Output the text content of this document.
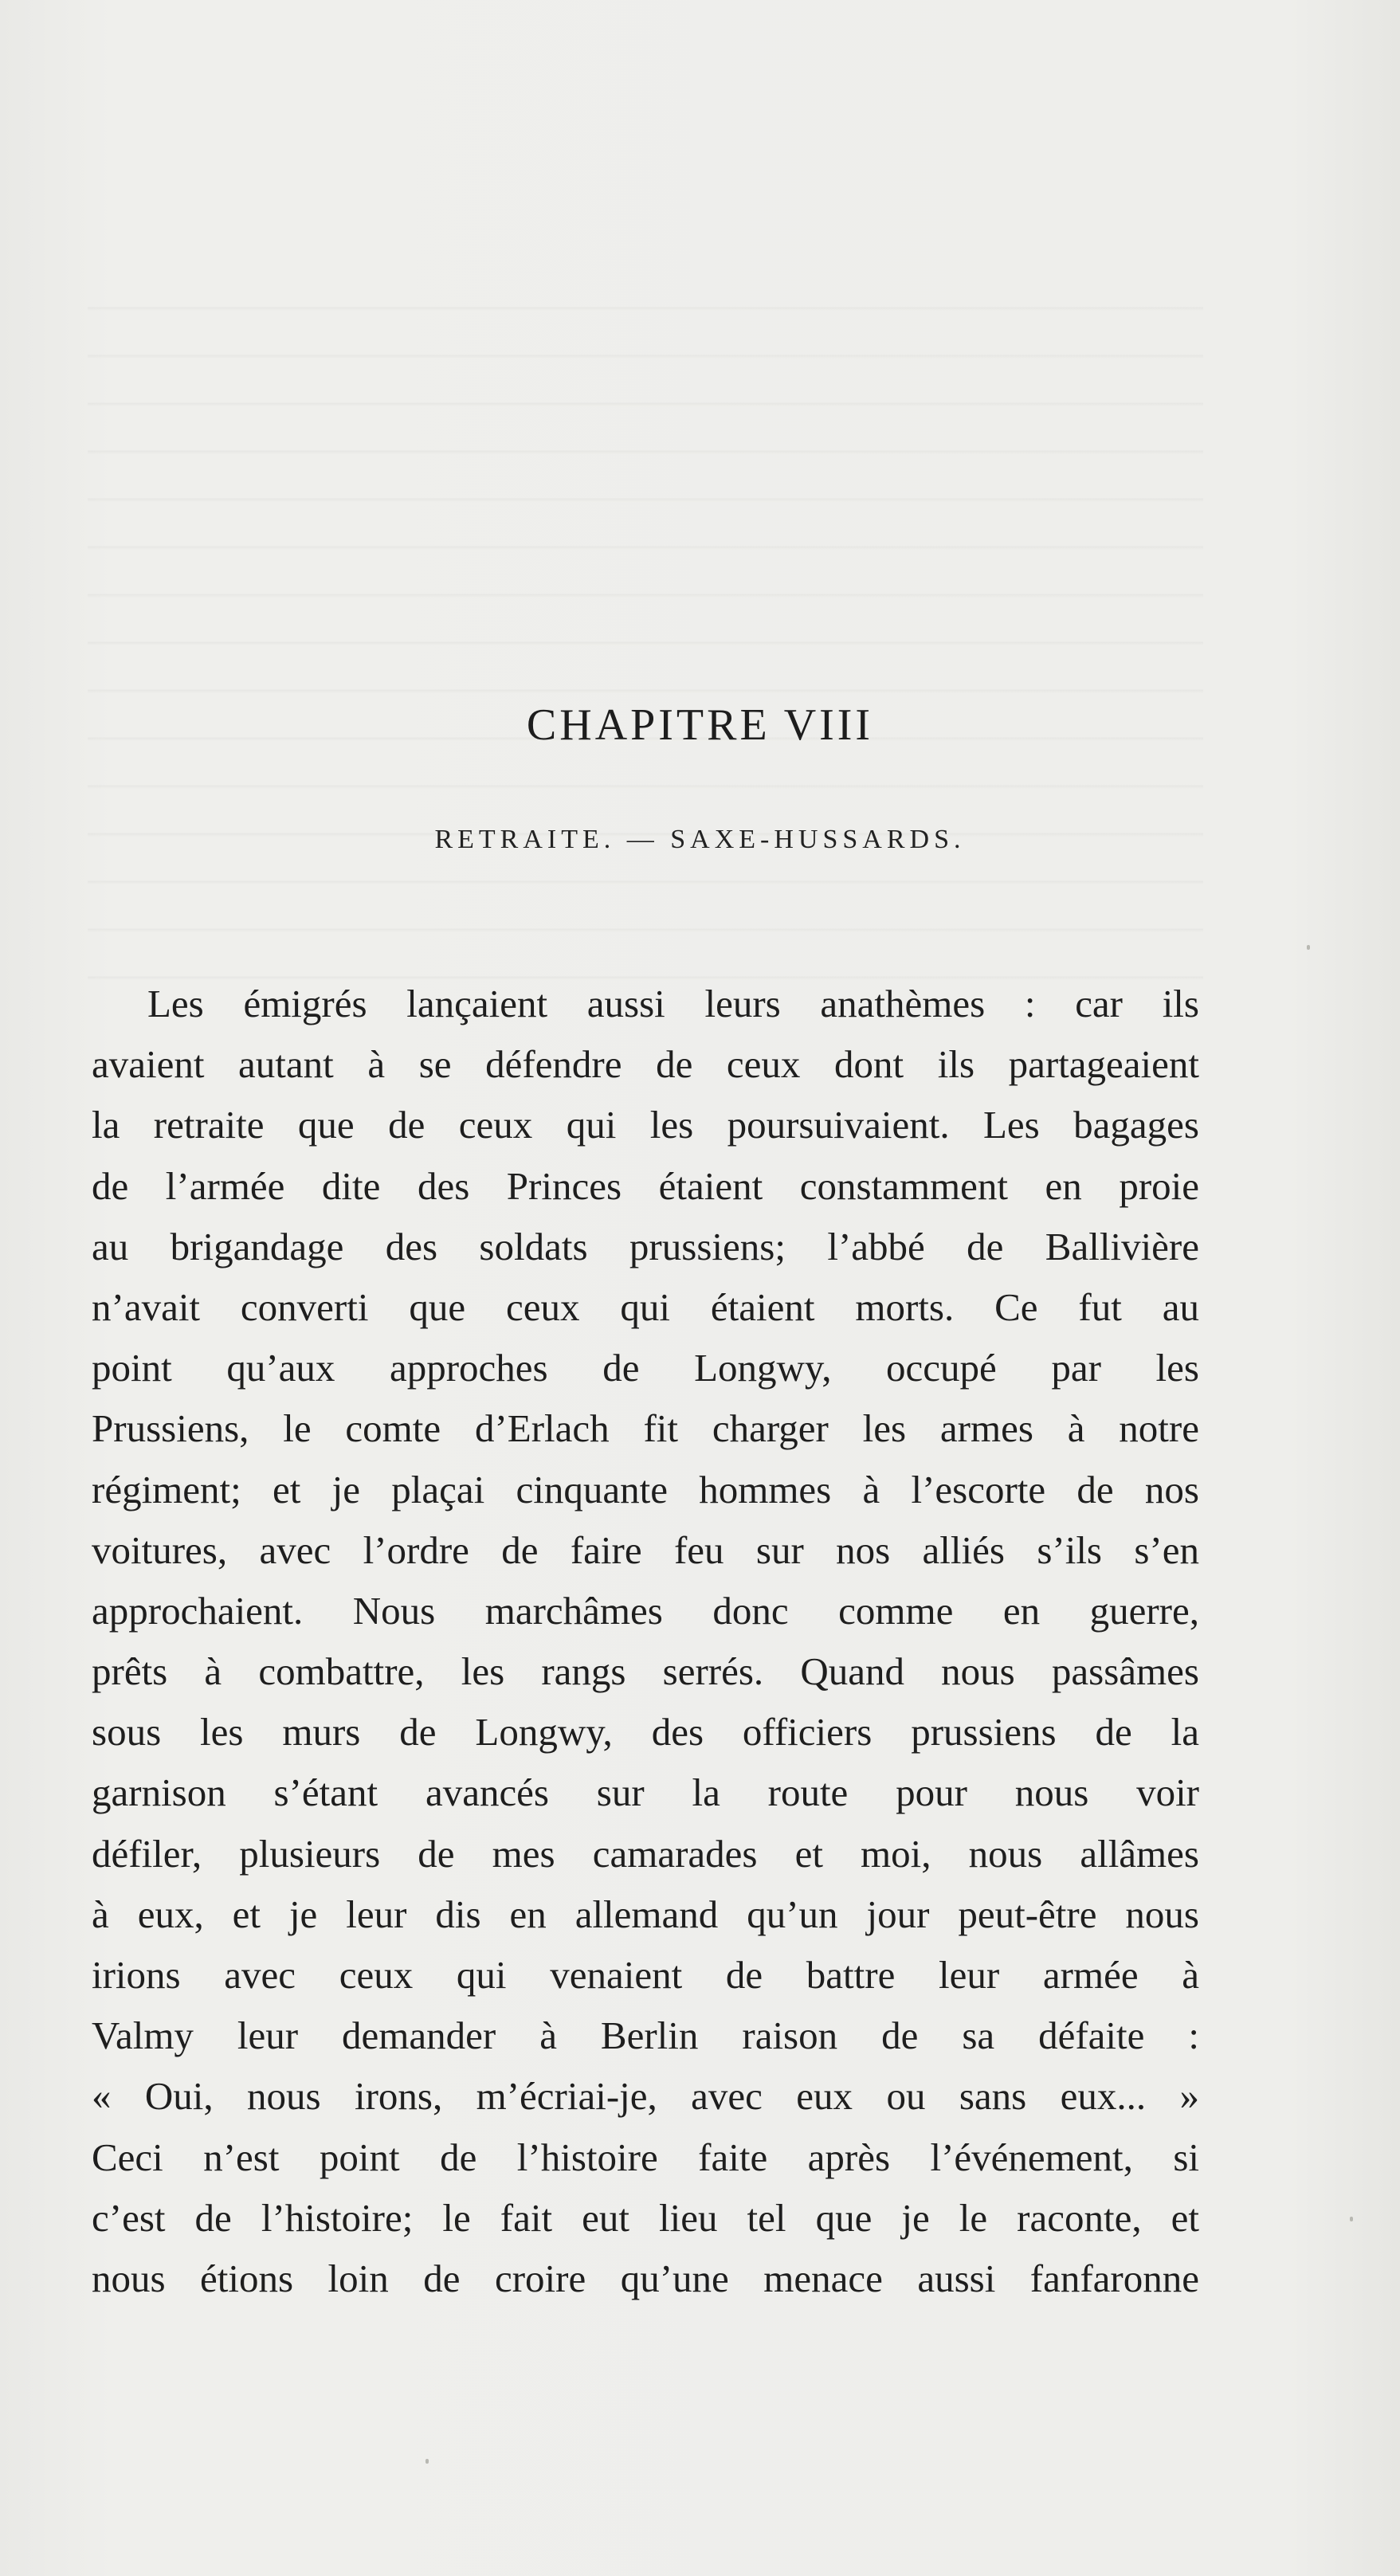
CHAPITRE VIII
RETRAITE. — SAXE-HUSSARDS.
Les émigrés lançaient aussi leurs anathèmes : car ils
avaient autant à se défendre de ceux dont ils partageaient
la retraite que de ceux qui les poursuivaient. Les bagages
de l’armée dite des Princes étaient constamment en proie
au brigandage des soldats prussiens; l’abbé de Ballivière
n’avait converti que ceux qui étaient morts. Ce fut au
point qu’aux approches de Longwy, occupé par les
Prussiens, le comte d’Erlach fit charger les armes à notre
régiment; et je plaçai cinquante hommes à l’escorte de nos
voitures, avec l’ordre de faire feu sur nos alliés s’ils s’en
approchaient. Nous marchâmes donc comme en guerre,
prêts à combattre, les rangs serrés. Quand nous passâmes
sous les murs de Longwy, des officiers prussiens de la
garnison s’étant avancés sur la route pour nous voir
défiler, plusieurs de mes camarades et moi, nous allâmes
à eux, et je leur dis en allemand qu’un jour peut-être nous
irions avec ceux qui venaient de battre leur armée à
Valmy leur demander à Berlin raison de sa défaite :
« Oui, nous irons, m’écriai-je, avec eux ou sans eux... »
Ceci n’est point de l’histoire faite après l’événement, si
c’est de l’histoire; le fait eut lieu tel que je le raconte, et
nous étions loin de croire qu’une menace aussi fanfaronne
